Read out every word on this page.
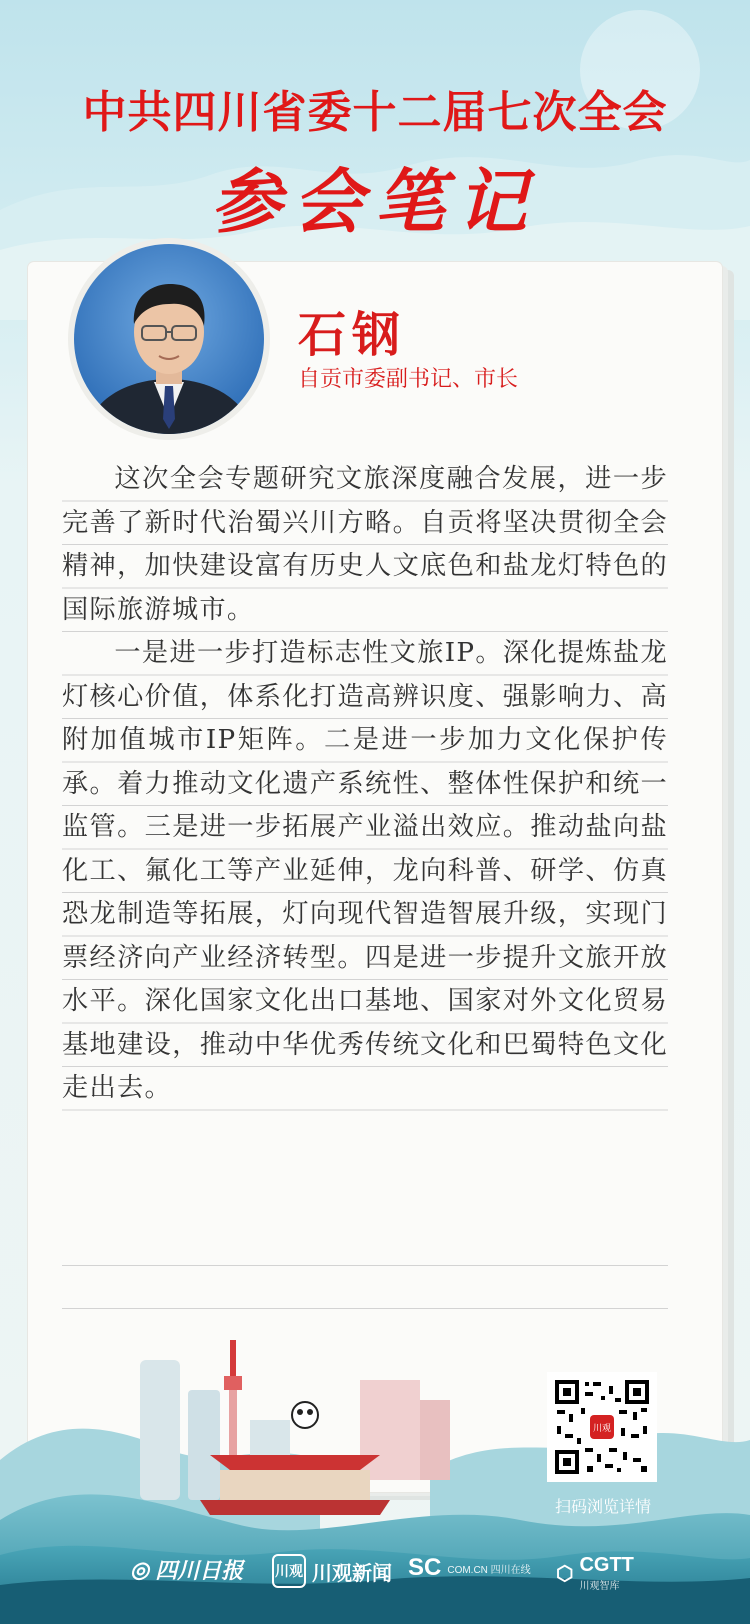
中共四川省委十二届七次全会
参会笔记
石钢
自贡市委副书记、市长

这次全会专题研究文旅深度融合发展，进一步完善了新时代治蜀兴川方略。自贡将坚决贯彻全会精神，加快建设富有历史人文底色和盐龙灯特色的国际旅游城市。

一是进一步打造标志性文旅IP。深化提炼盐龙灯核心价值，体系化打造高辨识度、强影响力、高附加值城市IP矩阵。二是进一步加力文化保护传承。着力推动文化遗产系统性、整体性保护和统一监管。三是进一步拓展产业溢出效应。推动盐向盐化工、氟化工等产业延伸，龙向科普、研学、仿真恐龙制造等拓展，灯向现代智造智展升级，实现门票经济向产业经济转型。四是进一步提升文旅开放水平。深化国家文化出口基地、国家对外文化贸易基地建设，推动中华优秀传统文化和巴蜀特色文化走出去。

川观
扫码浏览详情
◎ 四川日报 川观 川观新闻 SC COM.CN 四川在线 ⬡ CGTT
川观智库
